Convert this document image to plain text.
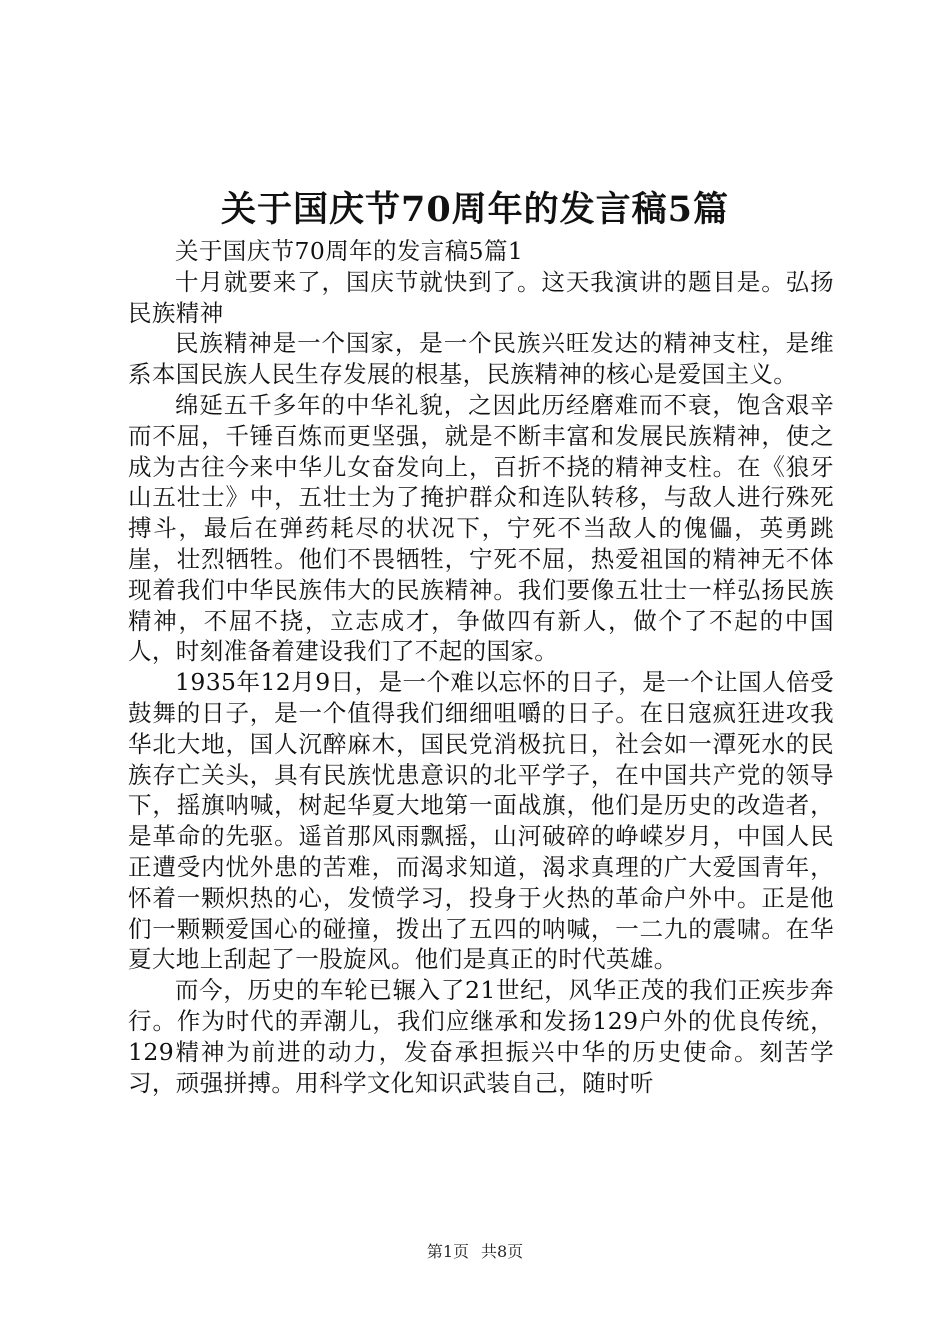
关于国庆节70周年的发言稿5篇

关于国庆节70周年的发言稿5篇1

十月就要来了，国庆节就快到了。这天我演讲的题目是。弘扬民族精神

民族精神是一个国家，是一个民族兴旺发达的精神支柱，是维系本国民族人民生存发展的根基，民族精神的核心是爱国主义。

绵延五千多年的中华礼貌，之因此历经磨难而不衰，饱含艰辛而不屈，千锤百炼而更坚强，就是不断丰富和发展民族精神，使之成为古往今来中华儿女奋发向上，百折不挠的精神支柱。在《狼牙山五壮士》中，五壮士为了掩护群众和连队转移，与敌人进行殊死搏斗，最后在弹药耗尽的状况下，宁死不当敌人的傀儡，英勇跳崖，壮烈牺牲。他们不畏牺牲，宁死不屈，热爱祖国的精神无不体现着我们中华民族伟大的民族精神。我们要像五壮士一样弘扬民族精神，不屈不挠，立志成才，争做四有新人，做个了不起的中国人，时刻准备着建设我们了不起的国家。

1935年12月9日，是一个难以忘怀的日子，是一个让国人倍受鼓舞的日子，是一个值得我们细细咀嚼的日子。在日寇疯狂进攻我华北大地，国人沉醉麻木，国民党消极抗日，社会如一潭死水的民族存亡关头，具有民族忧患意识的北平学子，在中国共产党的领导下，摇旗呐喊，树起华夏大地第一面战旗，他们是历史的改造者，是革命的先驱。遥首那风雨飘摇，山河破碎的峥嵘岁月，中国人民正遭受内忧外患的苦难，而渴求知道，渴求真理的广大爱国青年，怀着一颗炽热的心，发愤学习，投身于火热的革命户外中。正是他们一颗颗爱国心的碰撞，拨出了五四的呐喊，一二九的震啸。在华夏大地上刮起了一股旋风。他们是真正的时代英雄。

而今，历史的车轮已辗入了21世纪，风华正茂的我们正疾步奔行。作为时代的弄潮儿，我们应继承和发扬129户外的优良传统，129精神为前进的动力，发奋承担振兴中华的历史使命。刻苦学习，顽强拼搏。用科学文化知识武装自己，随时听

第1页 共8页
